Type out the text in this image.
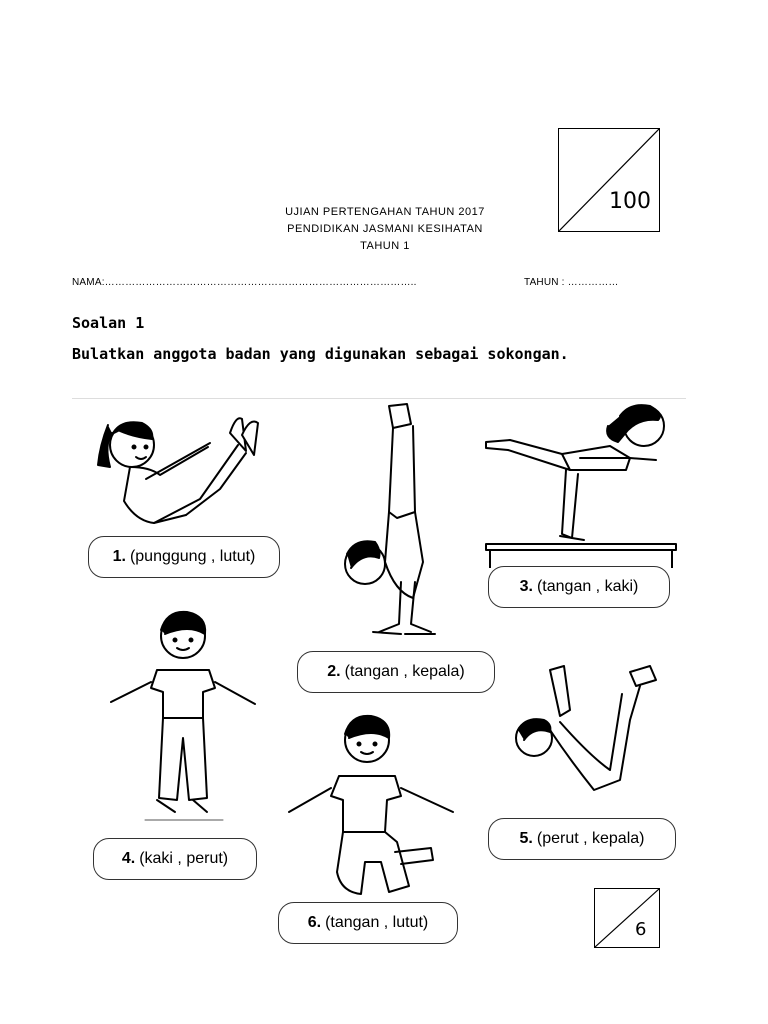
UJIAN PERTENGAHAN TAHUN 2017
PENDIDIKAN JASMANI KESIHATAN
TAHUN 1
100
NAMA:………………………………………………………………………………..	TAHUN : ……………
Soalan 1
Bulatkan anggota badan yang digunakan sebagai sokongan.
1. (punggung , lutut)
3. (tangan , kaki)
2. (tangan , kepala)
5. (perut , kepala)
4. (kaki , perut)
6. (tangan , lutut)	6
